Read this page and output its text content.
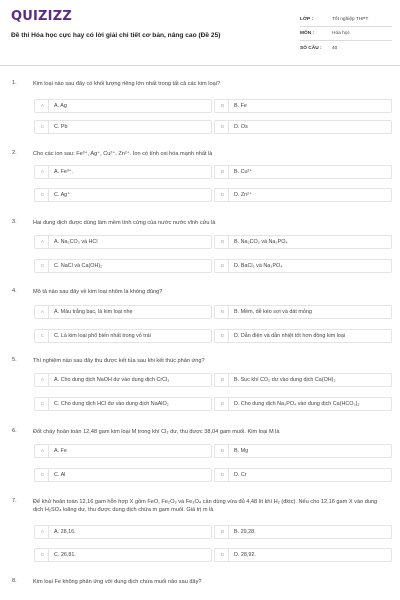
QUIZIZZ
Đề thi Hóa học cực hay có lời giải chi tiết cơ bản, nâng cao (Đề 25)
LỚP :	Tốt nghiệp THPT
MÔN :	Hóa học
SỐ CÂU :	40
1.	Kim loại nào sau đây có khối lượng riêng lớn nhất trong tất cả các kim loại?
A	A. Ag	B	B. Fe
C	C. Pb	D	D. Os
2.	Cho các ion sau: Fe³⁺, Ag⁺, Cu²⁺, Zn²⁺. Ion có tính oxi hóa mạnh nhất là
A	A. Fe³⁺.	B	B. Cu²⁺
C	C. Ag⁺	D	D. Zn²⁺
3.	Hai dung dịch được dùng làm mềm tính cứng của nước nước vĩnh cửu là
A	A. Na₂CO₃ và HCl	B	B. Na₂CO₃ và Na₃PO₄
C	C. NaCl và Ca(OH)₂	D	D. BaCl₂ và Na₃PO₄
4.	Mô tả nào sau đây về kim loại nhôm là không đúng?
A	A. Màu trắng bạc, là kim loại nhẹ	B	B. Mềm, dễ kéo sợi và dát mỏng
C	C. Là kim loại phổ biến nhất trong vỏ trái	D	D. Dẫn điện và dẫn nhiệt tốt hơn đồng kim loại
5.	Thí nghiệm nào sau đây thu được kết tủa sau khi kết thúc phản ứng?
A	A. Cho dung dịch NaOH dư vào dung dịch CrCl₃	B	B. Sục khí CO₂ dư vào dung dịch Ca(OH)₂
C	C. Cho dung dịch HCl dư vào dung dịch NaAlO₂	D	D. Cho dung dịch Na₃PO₄ vào dung dịch Ca(HCO₃)₂
6.	Đốt cháy hoàn toàn 12,48 gam kim loại M trong khí Cl₂ dư, thu được 38,04 gam muối. Kim loại M là
A	A. Fe	B	B. Mg
C	C. Al	D	D. Cr
7.	Để khử hoàn toàn 12,16 gam hỗn hợp X gồm FeO, Fe₂O₃ và Fe₃O₄ cần dùng vừa đủ 4,48 lít khí H₂ (đktc). Nếu cho 12,16 gam X vào dung dịch H₂SO₄ loãng dư, thu được dung dịch chứa m gam muối. Giá trị m là
A	A. 28,16.	B	B. 29,28.
C	C. 26,81.	D	D. 28,92.
8.	Kim loại Fe không phản ứng với dung dịch chứa muối nào sau đây?
